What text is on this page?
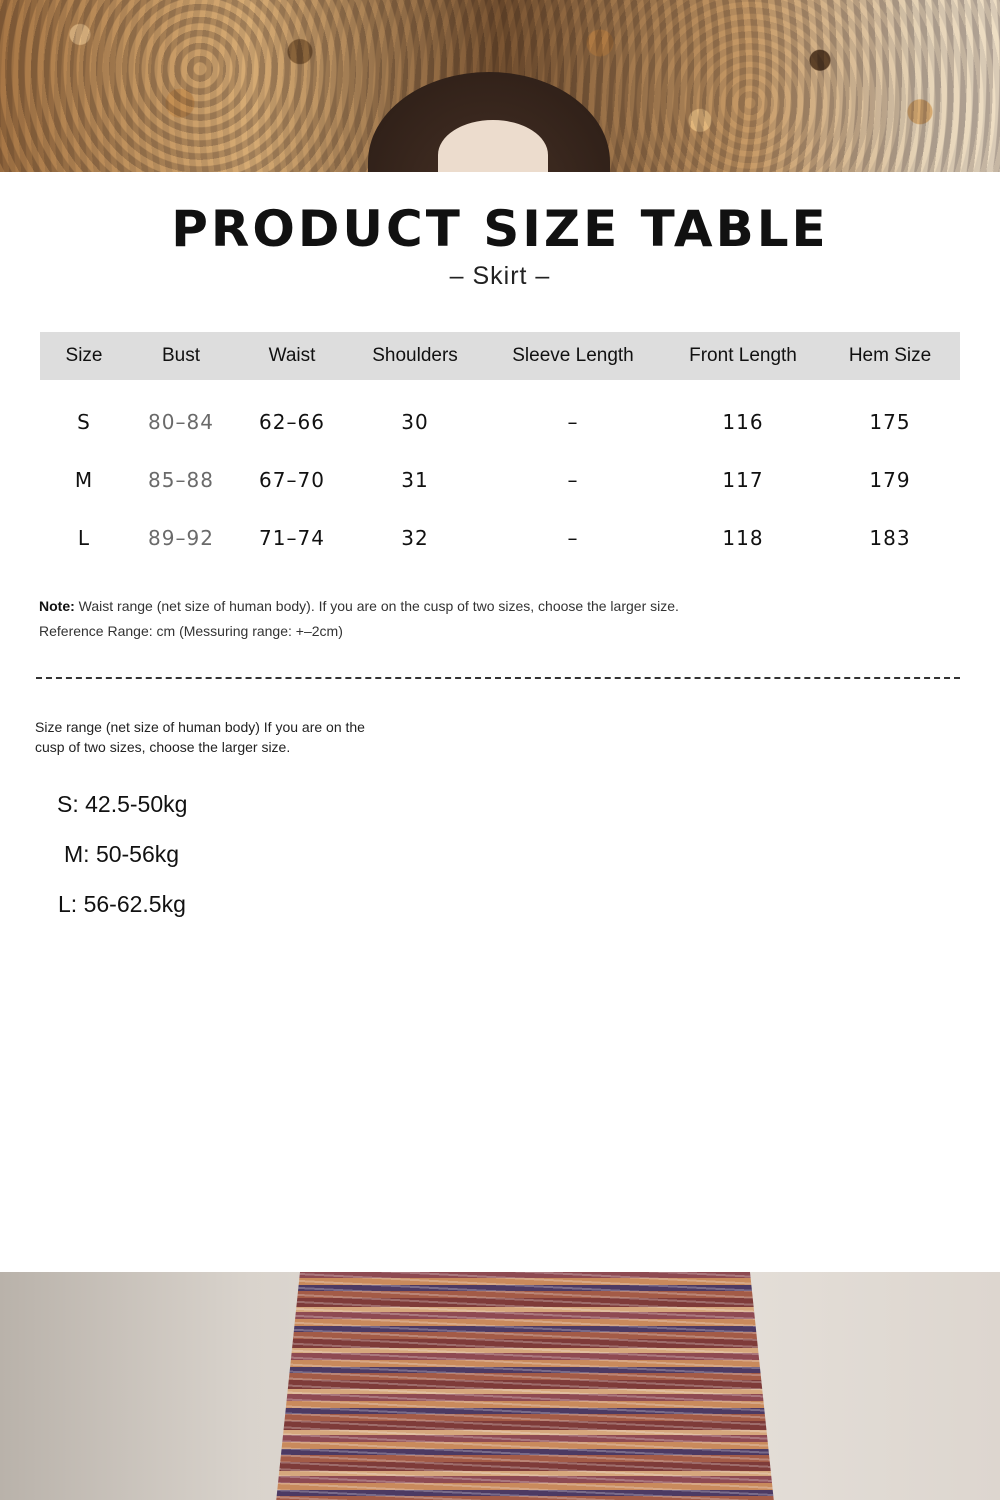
PRODUCT SIZE TABLE
– Skirt –
Size	Bust	Waist	Shoulders	Sleeve Length	Front Length	Hem Size

S	80–84	62–66	30	–	116	175
M	85–88	67–70	31	–	117	179
L	89–92	71–74	32	–	118	183
Note: Waist range (net size of human body). If you are on the cusp of two sizes, choose the larger size.
Reference Range: cm (Messuring range: +–2cm)
Size range (net size of human body) If you are on the cusp of two sizes, choose the larger size.
S: 42.5-50kg
M: 50-56kg
L: 56-62.5kg
